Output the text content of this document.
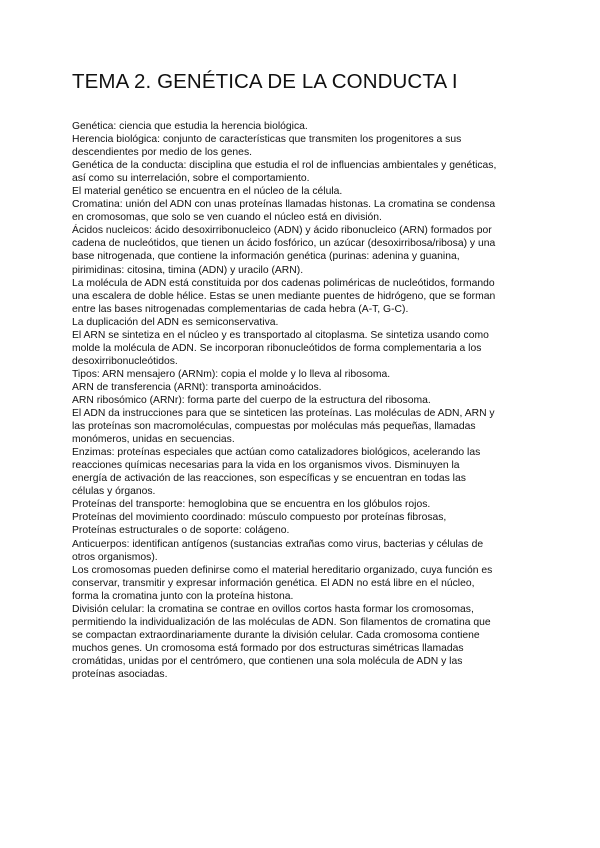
TEMA 2. GENÉTICA DE LA CONDUCTA I
Genética: ciencia que estudia la herencia biológica.
Herencia biológica: conjunto de características que transmiten los progenitores a sus
descendientes por medio de los genes.
Genética de la conducta: disciplina que estudia el rol de influencias ambientales y genéticas,
así como su interrelación, sobre el comportamiento.
El material genético se encuentra en el núcleo de la célula.
Cromatina: unión del ADN con unas proteínas llamadas histonas. La cromatina se condensa
en cromosomas, que solo se ven cuando el núcleo está en división.
Ácidos nucleicos: ácido desoxirribonucleico (ADN) y ácido ribonucleico (ARN) formados por
cadena de nucleótidos, que tienen un ácido fosfórico, un azúcar (desoxirribosa/ribosa) y una
base nitrogenada, que contiene la información genética (purinas: adenina y guanina,
pirimidinas: citosina, timina (ADN) y uracilo (ARN).
La molécula de ADN está constituida por dos cadenas poliméricas de nucleótidos, formando
una escalera de doble hélice. Estas se unen mediante puentes de hidrógeno, que se forman
entre las bases nitrogenadas complementarias de cada hebra (A-T, G-C).
La duplicación del ADN es semiconservativa.
El ARN se sintetiza en el núcleo y es transportado al citoplasma. Se sintetiza usando como
molde la molécula de ADN. Se incorporan ribonucleótidos de forma complementaria a los
desoxirribonucleótidos.
Tipos: ARN mensajero (ARNm): copia el molde y lo lleva al ribosoma.
ARN de transferencia (ARNt): transporta aminoácidos.
ARN ribosómico (ARNr): forma parte del cuerpo de la estructura del ribosoma.
El ADN da instrucciones para que se sinteticen las proteínas. Las moléculas de ADN, ARN y
las proteínas son macromoléculas, compuestas por moléculas más pequeñas, llamadas
monómeros, unidas en secuencias.
Enzimas: proteínas especiales que actúan como catalizadores biológicos, acelerando las
reacciones químicas necesarias para la vida en los organismos vivos. Disminuyen la
energía de activación de las reacciones, son específicas y se encuentran en todas las
células y órganos.
Proteínas del transporte: hemoglobina que se encuentra en los glóbulos rojos.
Proteínas del movimiento coordinado: músculo compuesto por proteínas fibrosas,
Proteínas estructurales o de soporte: colágeno.
Anticuerpos: identifican antígenos (sustancias extrañas como virus, bacterias y células de
otros organismos).
Los cromosomas pueden definirse como el material hereditario organizado, cuya función es
conservar, transmitir y expresar información genética. El ADN no está libre en el núcleo,
forma la cromatina junto con la proteína histona.
División celular: la cromatina se contrae en ovillos cortos hasta formar los cromosomas,
permitiendo la individualización de las moléculas de ADN. Son filamentos de cromatina que
se compactan extraordinariamente durante la división celular. Cada cromosoma contiene
muchos genes. Un cromosoma está formado por dos estructuras simétricas llamadas
cromátidas, unidas por el centrómero, que contienen una sola molécula de ADN y las
proteínas asociadas.
